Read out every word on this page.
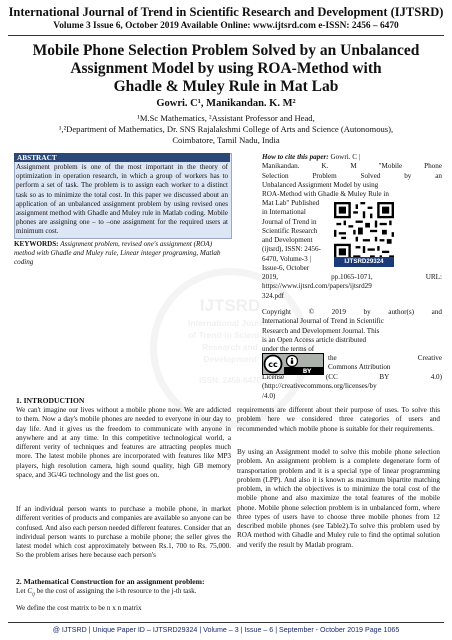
International Journal of Trend in Scientific Research and Development (IJTSRD)
Volume 3 Issue 6, October 2019 Available Online: www.ijtsrd.com e-ISSN: 2456 – 6470
Mobile Phone Selection Problem Solved by an Unbalanced
Assignment Model by using ROA-Method with
Ghadle & Muley Rule in Mat Lab
Gowri. C¹, Manikandan. K. M²
¹M.Sc Mathematics, ²Assistant Professor and Head,
¹,²Department of Mathematics, Dr. SNS Rajalakshmi College of Arts and Science (Autonomous),
Coimbatore, Tamil Nadu, India
IJTSRD
International Journal
of Trend in Scientific
Research and
Development
ISSN: 2456-6470
ABSTRACT
Assignment problem is one of the most important in the theory of optimization in operation research, in which a group of workers has to perform a set of task. The problem is to assign each worker to a distinct task so as to minimize the total cost. In this paper we discussed about an application of an unbalanced assignment problem by using revised ones assignment method with Ghadle and Muley rule in Matlab coding. Mobile phones are assigning one – to –one assignment for the required users at minimum cost.
KEYWORDS: Assignment problem, revised one's assignment (ROA) method with Ghadle and Muley rule, Linear integer programing, Matlab coding
How to cite this paper: Gowri. C |
Manikandan. K. M "Mobile Phone
Selection Problem Solved by an
Unbalanced Assignment Model by using
ROA-Method with Ghadle & Muley Rule in
Mat Lab" Published
in International
Journal of Trend in
Scientific Research
and Development
(ijtsrd), ISSN: 2456-
6470, Volume-3 |
Issue-6, October
2019, pp.1065-1071, URL:
https://www.ijtsrd.com/papers/ijtsrd29
324.pdf
IJTSRD29324
cc
BY
Copyright © 2019 by author(s) and
International Journal of Trend in Scientific
Research and Development Journal. This
is an Open Access article distributed
under the terms of
the Creative
Commons Attribution
License (CC BY 4.0)
(http://creativecommons.org/licenses/by
/4.0)
1. INTRODUCTION
We can't imagine our lives without a mobile phone now. We are addicted to them. Now a day's mobile phones are needed to everyone in our day to day life. And it gives us the freedom to communicate with anyone in anywhere and at any time. In this competitive technological world, a different verity of techniques and features are attracting peoples much more. The latest mobile phones are incorporated with features like MP3 players, high resolution camera, high sound quality, high GB memory space, and 3G/4G technology and the list goes on.
If an individual person wants to purchase a mobile phone, in market different verities of products and companies are available so anyone can be confused. And also each person needed different features. Consider that an individual person wants to purchase a mobile phone; the seller gives the latest model which cost approximately between Rs.1, 700 to Rs. 75,000. So the problem arises here because each person's
requirements are different about their purpose of uses. To solve this problem here we considered three categories of users and recommended which mobile phone is suitable for their requirements.
By using an Assignment model to solve this mobile phone selection problem. An assignment problem is a complete degenerate form of transportation problem and it is a special type of linear programming problem (LPP). And also it is known as maximum bipartite matching problem, in which the objectives is to minimize the total cost of the mobile phone and also maximize the total features of the mobile phone. Mobile phone selection problem is in unbalanced form, where three types of users have to choose three mobile phones from 12 described mobile phones (see Table2).To solve this problem used by ROA method with Ghadle and Muley rule to find the optimal solution and verify the result by Matlab program.
2. Mathematical Construction for an assignment problem:
Let $C_{ij}$ be the cost of assigning the i-th resource to the j-th task.
We define the cost matrix to be n x n matrix
@ IJTSRD | Unique Paper ID – IJTSRD29324 | Volume – 3 | Issue – 6 | September - October 2019 Page 1065
